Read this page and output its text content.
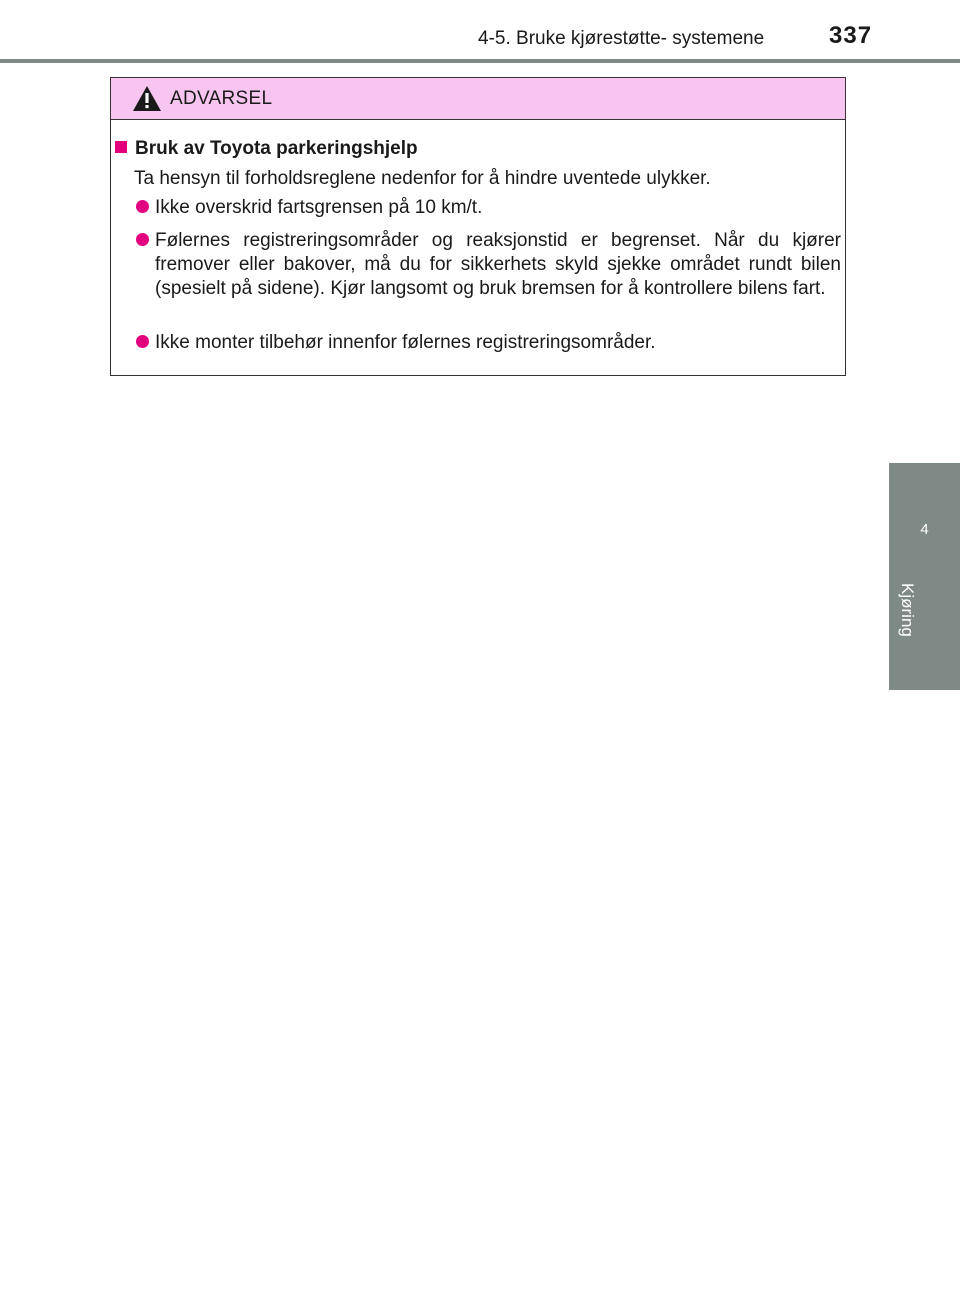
4-5. Bruke kjørestøtte- systemene	337
4
Kjøring
ADVARSEL
Bruk av Toyota parkeringshjelp
Ta hensyn til forholdsreglene nedenfor for å hindre uventede ulykker.
Ikke overskrid fartsgrensen på 10 km/t.
Følernes registreringsområder og reaksjonstid er begrenset. Når du kjører fremover eller bakover, må du for sikkerhets skyld sjekke området rundt bilen (spesielt på sidene). Kjør langsomt og bruk bremsen for å kontrollere bilens fart.
Ikke monter tilbehør innenfor følernes registreringsområder.
